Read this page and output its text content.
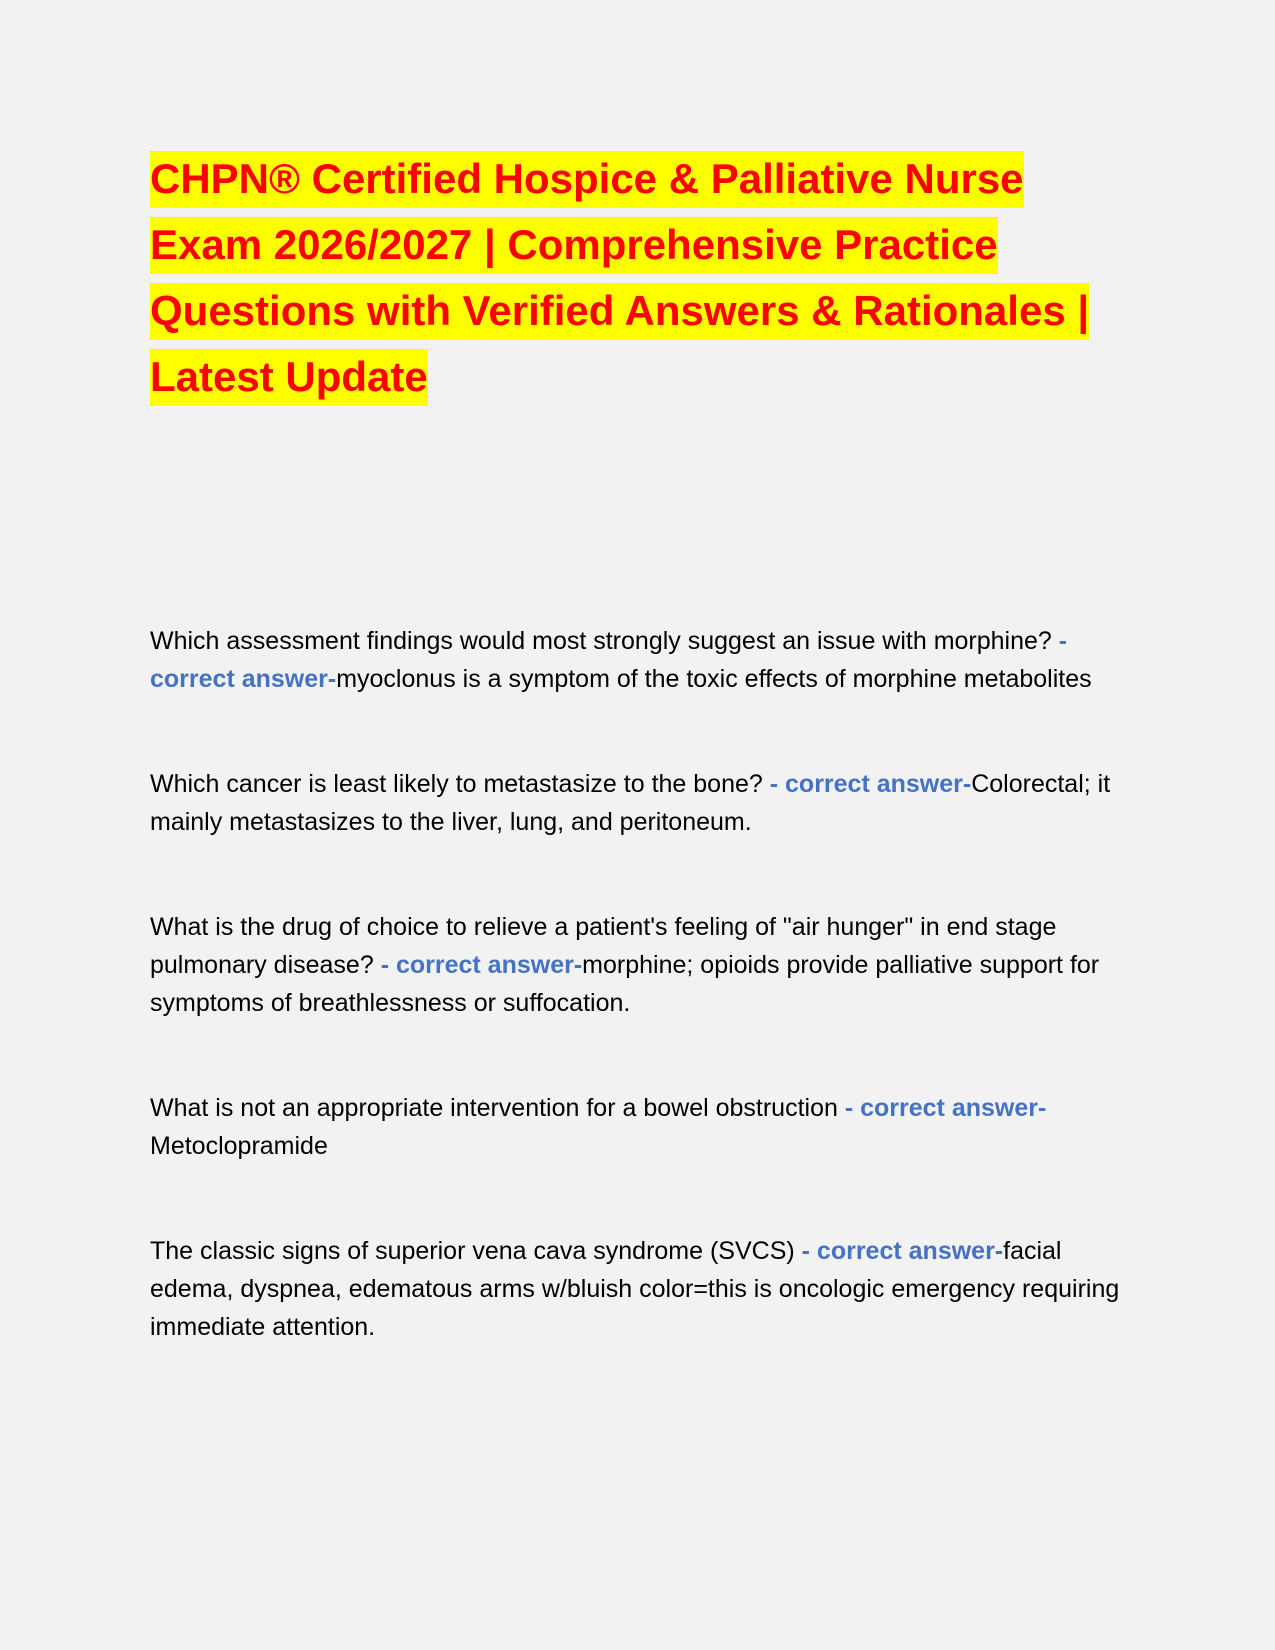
CHPN® Certified Hospice & Palliative Nurse Exam 2026/2027 | Comprehensive Practice Questions with Verified Answers & Rationales | Latest Update

Which assessment findings would most strongly suggest an issue with morphine? - correct answer-myoclonus is a symptom of the toxic effects of morphine metabolites

Which cancer is least likely to metastasize to the bone? - correct answer-Colorectal; it mainly metastasizes to the liver, lung, and peritoneum.

What is the drug of choice to relieve a patient's feeling of "air hunger" in end stage pulmonary disease? - correct answer-morphine; opioids provide palliative support for symptoms of breathlessness or suffocation.

What is not an appropriate intervention for a bowel obstruction - correct answer-Metoclopramide

The classic signs of superior vena cava syndrome (SVCS) - correct answer-facial edema, dyspnea, edematous arms w/bluish color=this is oncologic emergency requiring immediate attention.
